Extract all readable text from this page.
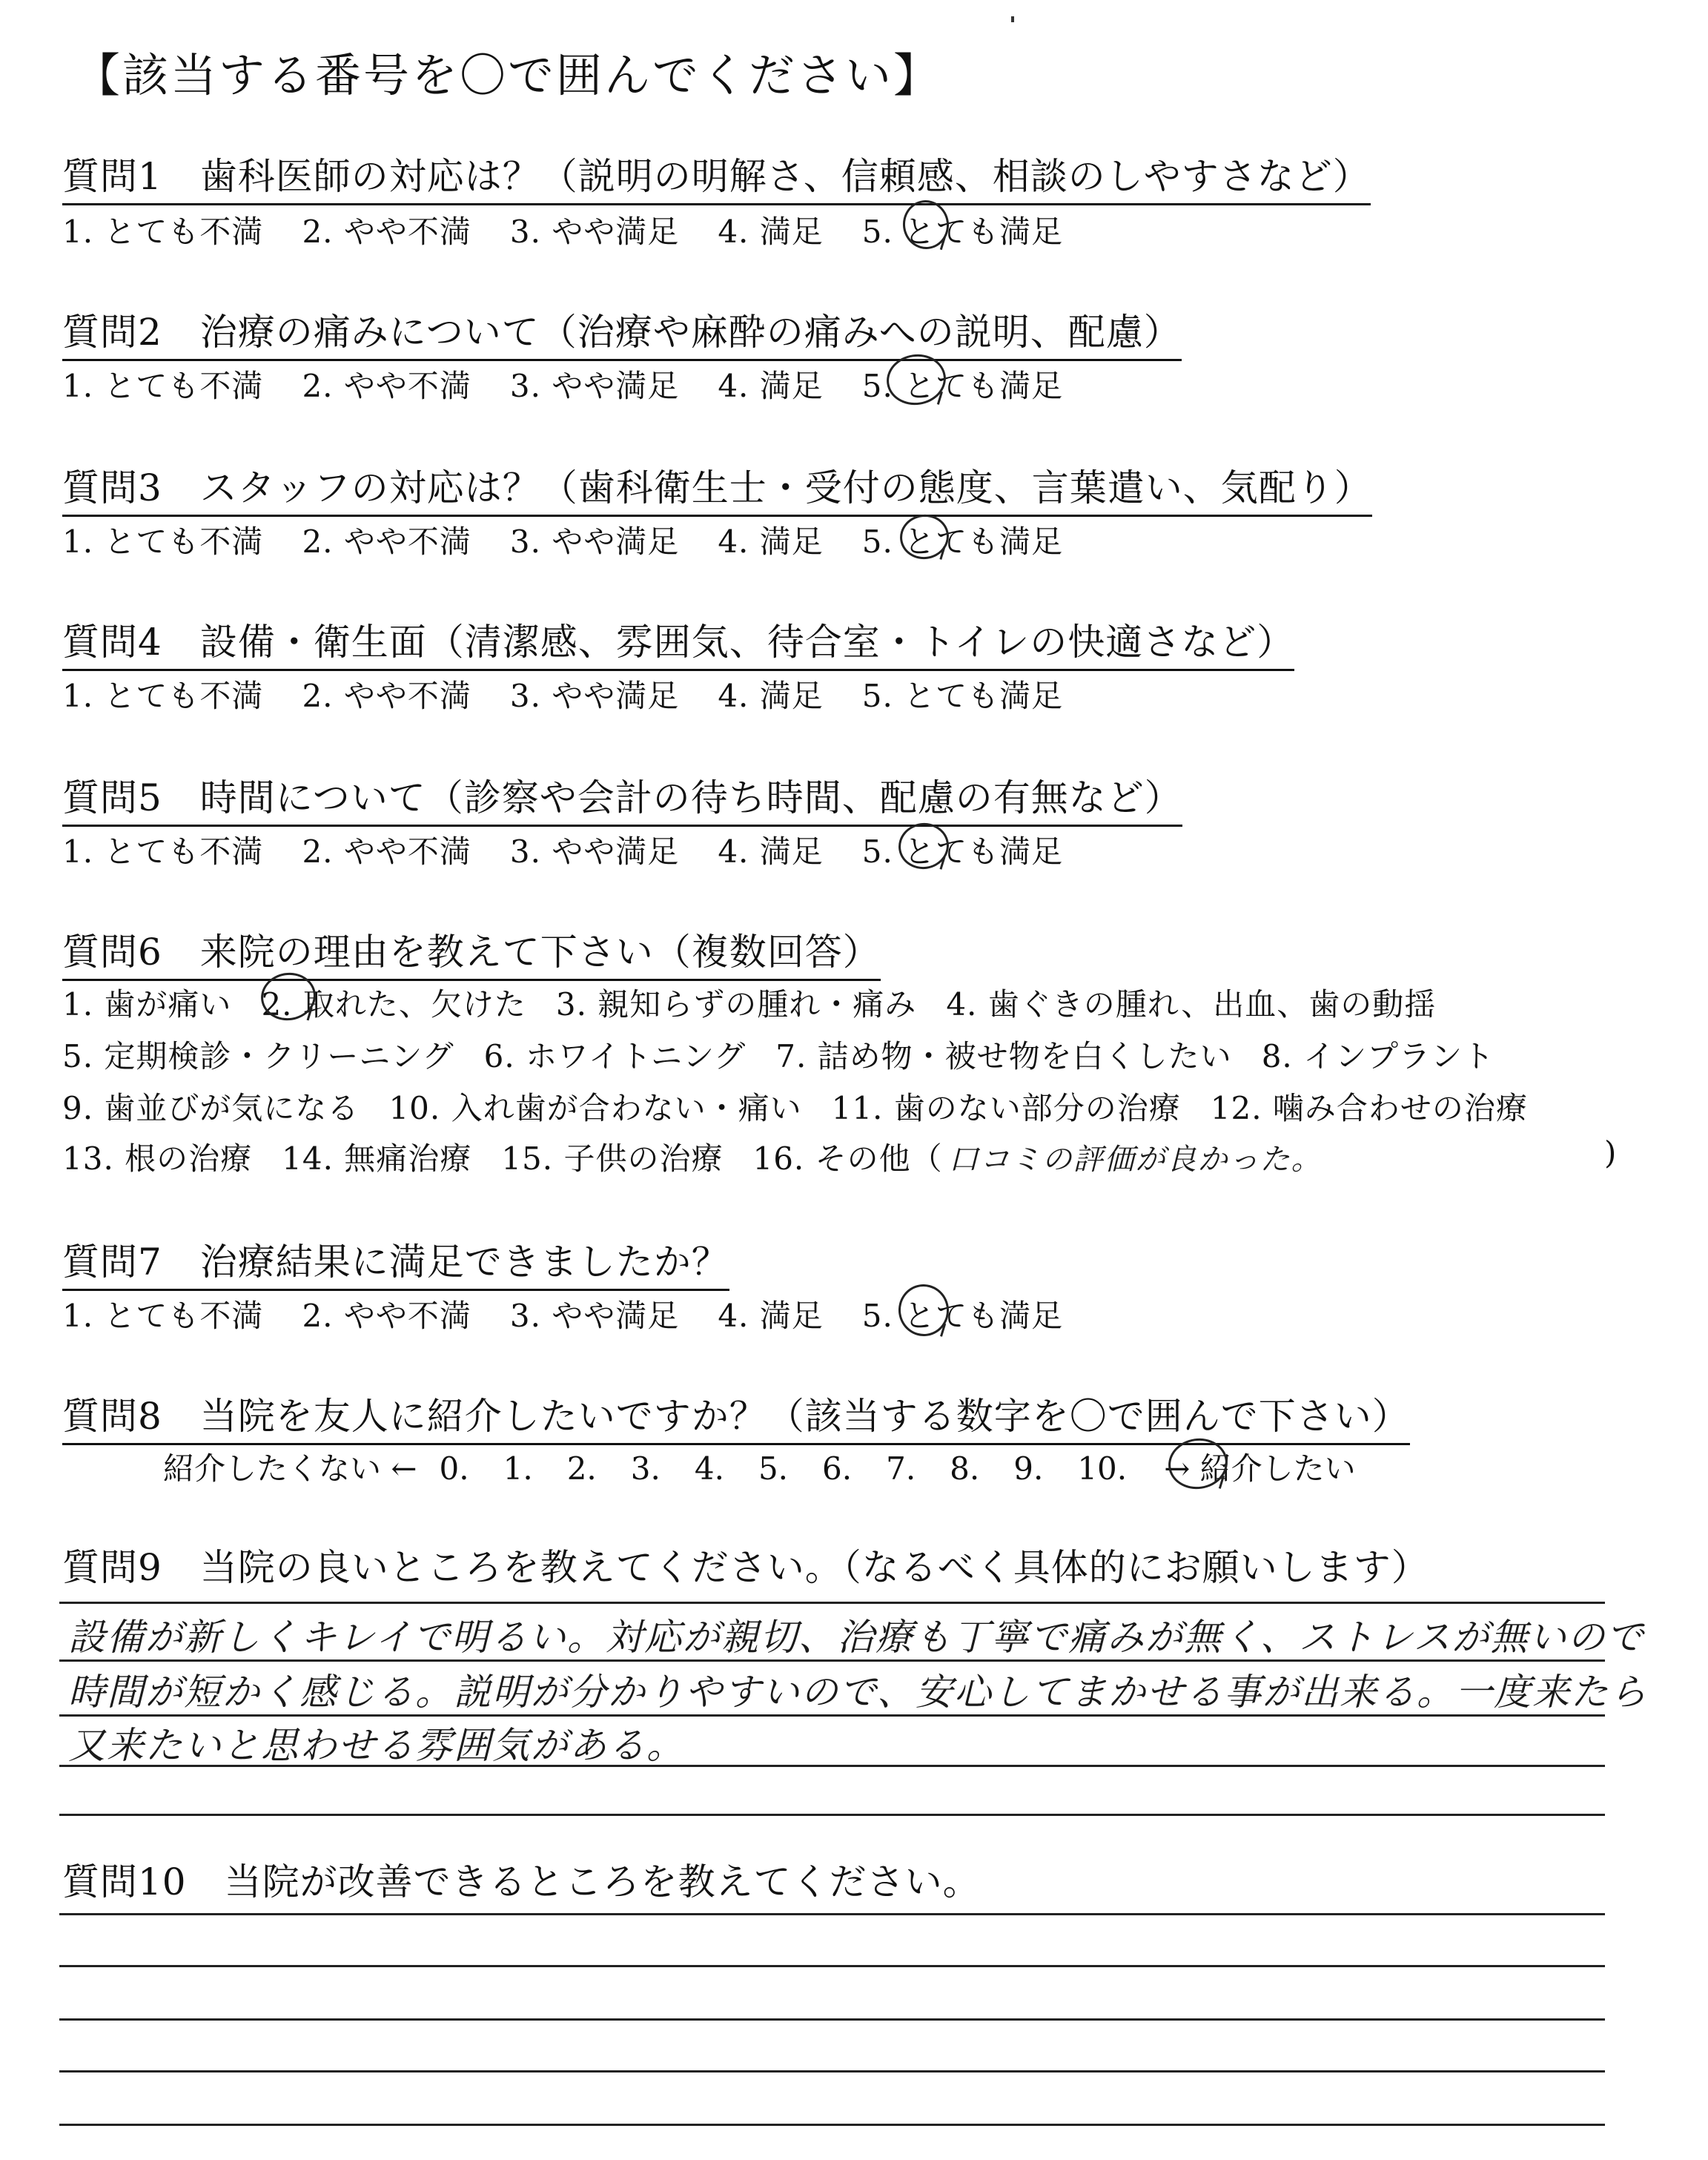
【該当する番号を〇で囲んでください】
質問1　歯科医師の対応は？（説明の明解さ、信頼感、相談のしやすさなど）
1. とても不満 2. やや不満 3. やや満足 4. 満足 5. とても満足
質問2　治療の痛みについて（治療や麻酔の痛みへの説明、配慮）
1. とても不満 2. やや不満 3. やや満足 4. 満足 5. とても満足
質問3　スタッフの対応は？（歯科衛生士・受付の態度、言葉遣い、気配り）
1. とても不満 2. やや不満 3. やや満足 4. 満足 5. とても満足
質問4　設備・衛生面（清潔感、雰囲気、待合室・トイレの快適さなど）
1. とても不満 2. やや不満 3. やや満足 4. 満足 5. とても満足
質問5　時間について（診察や会計の待ち時間、配慮の有無など）
1. とても不満 2. やや不満 3. やや満足 4. 満足 5. とても満足
質問6　来院の理由を教えて下さい（複数回答）
1. 歯が痛い 2. 取れた、欠けた 3. 親知らずの腫れ・痛み 4. 歯ぐきの腫れ、出血、歯の動揺
5. 定期検診・クリーニング 6. ホワイトニング 7. 詰め物・被せ物を白くしたい 8. インプラント
9. 歯並びが気になる 10. 入れ歯が合わない・痛い 11. 歯のない部分の治療 12. 噛み合わせの治療
13. 根の治療 14. 無痛治療 15. 子供の治療 16. その他（ 口コミの評価が良かった。	)
質問7　治療結果に満足できましたか？
1. とても不満 2. やや不満 3. やや満足 4. 満足 5. とても満足
質問8　当院を友人に紹介したいですか？（該当する数字を〇で囲んで下さい）
紹介したくない ← 0. 1. 2. 3. 4. 5. 6. 7. 8. 9. 10. → 紹介したい
質問9　当院の良いところを教えてください。（なるべく具体的にお願いします）
設備が新しくキレイで明るい。対応が親切、治療も丁寧で痛みが無く、ストレスが無いので
時間が短かく感じる。説明が分かりやすいので、安心してまかせる事が出来る。一度来たら
又来たいと思わせる雰囲気がある。
質問10　当院が改善できるところを教えてください。
